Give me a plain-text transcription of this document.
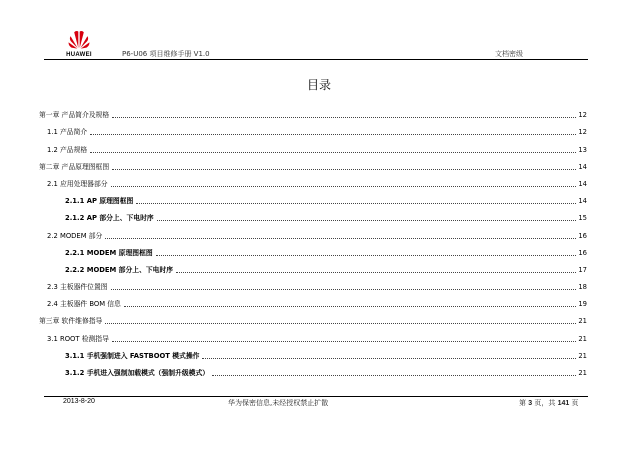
HUAWEI	P6-U06 项目维修手册 V1.0	文档密级
目录
第一章 产品简介及规格	12
1.1 产品简介	12
1.2 产品规格	13
第二章 产品原理图框图	14
2.1 应用处理器部分	14
2.1.1 AP 原理图框图	14
2.1.2 AP 部分上、下电时序	15
2.2 MODEM 部分	16
2.2.1 MODEM 原理图框图	16
2.2.2 MODEM 部分上、下电时序	17
2.3 主板器件位置图	18
2.4 主板器件 BOM 信息	19
第三章 软件维修指导	21
3.1 ROOT 检测指导	21
3.1.1 手机强制进入 FASTBOOT 模式操作	21
3.1.2 手机进入强制加载模式（强制升级模式）	21
2013-8-20	华为保密信息,未经授权禁止扩散	第 3 页，共 141 页
